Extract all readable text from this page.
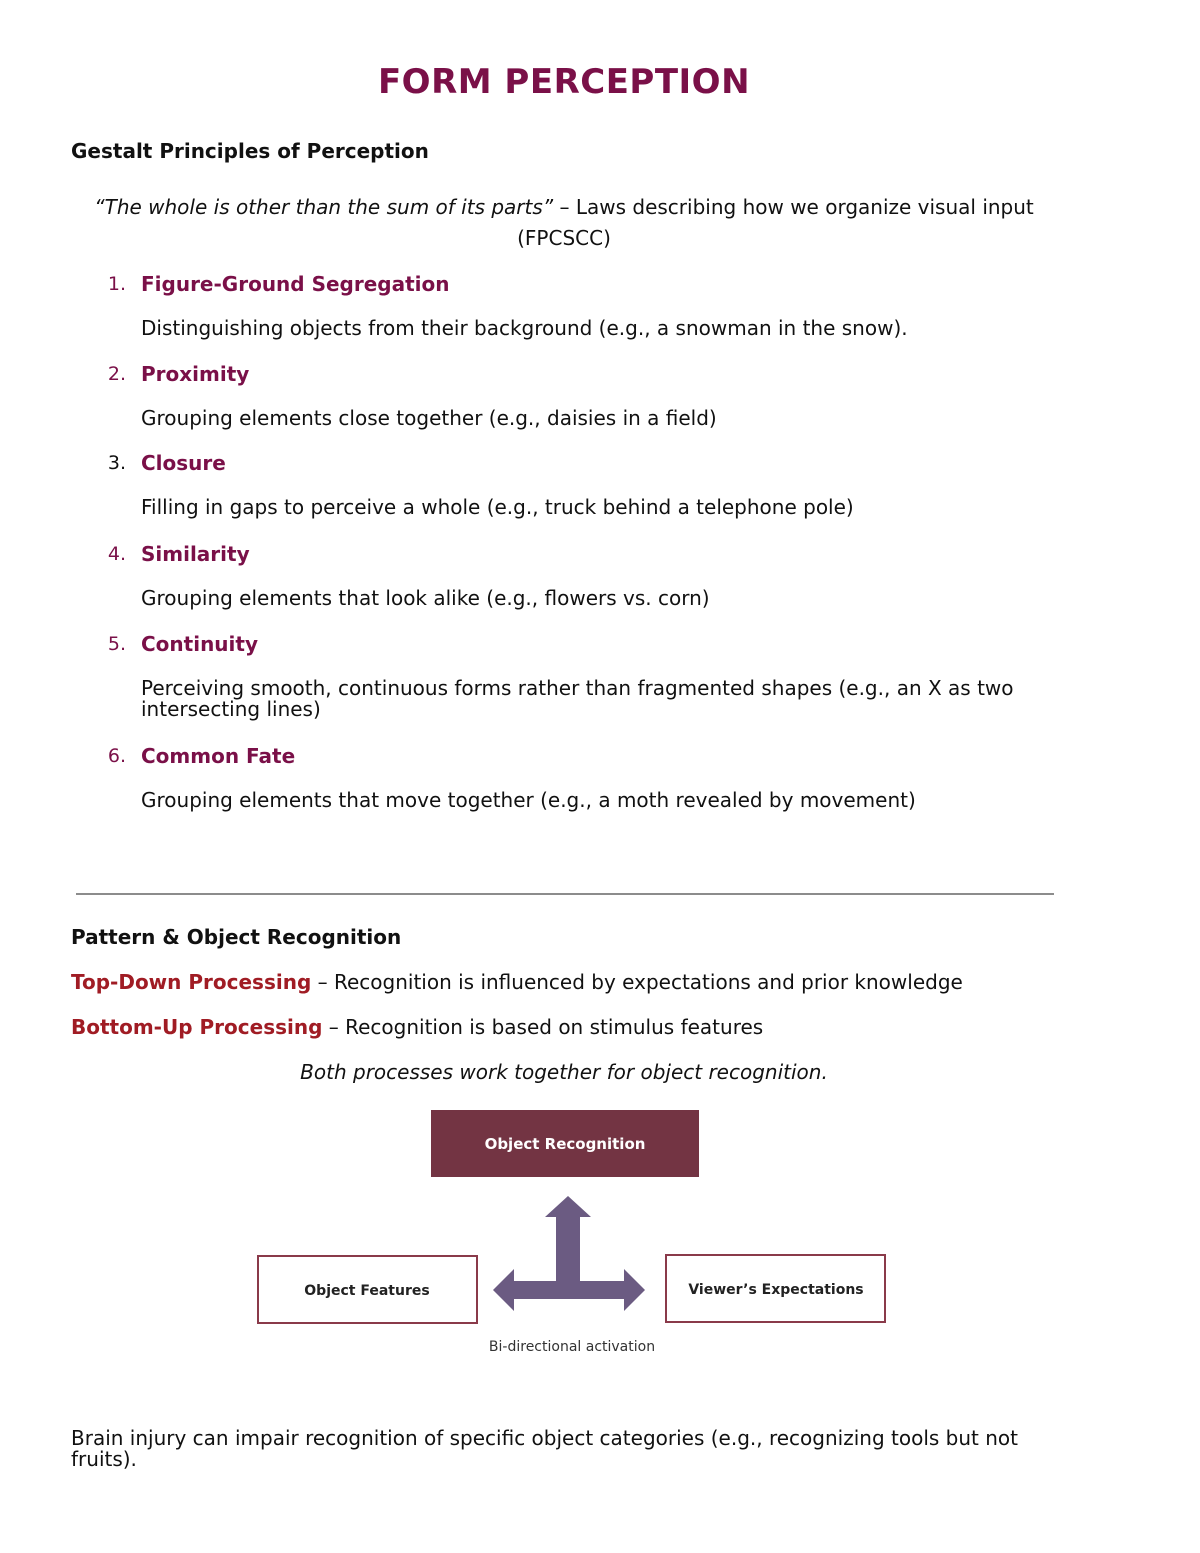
FORM PERCEPTION
Gestalt Principles of Perception
“The whole is other than the sum of its parts” – Laws describing how we organize visual input (FPCSCC)
1. Figure-Ground Segregation
Distinguishing objects from their background (e.g., a snowman in the snow).
2. Proximity
Grouping elements close together (e.g., daisies in a field)
3. Closure
Filling in gaps to perceive a whole (e.g., truck behind a telephone pole)
4. Similarity
Grouping elements that look alike (e.g., flowers vs. corn)
5. Continuity
Perceiving smooth, continuous forms rather than fragmented shapes (e.g., an X as two intersecting lines)
6. Common Fate
Grouping elements that move together (e.g., a moth revealed by movement)
Pattern & Object Recognition
Top-Down Processing – Recognition is influenced by expectations and prior knowledge
Bottom-Up Processing – Recognition is based on stimulus features
Both processes work together for object recognition.
Object Recognition
Object Features	Viewer’s Expectations
Bi-directional activation
Brain injury can impair recognition of specific object categories (e.g., recognizing tools but not fruits).
